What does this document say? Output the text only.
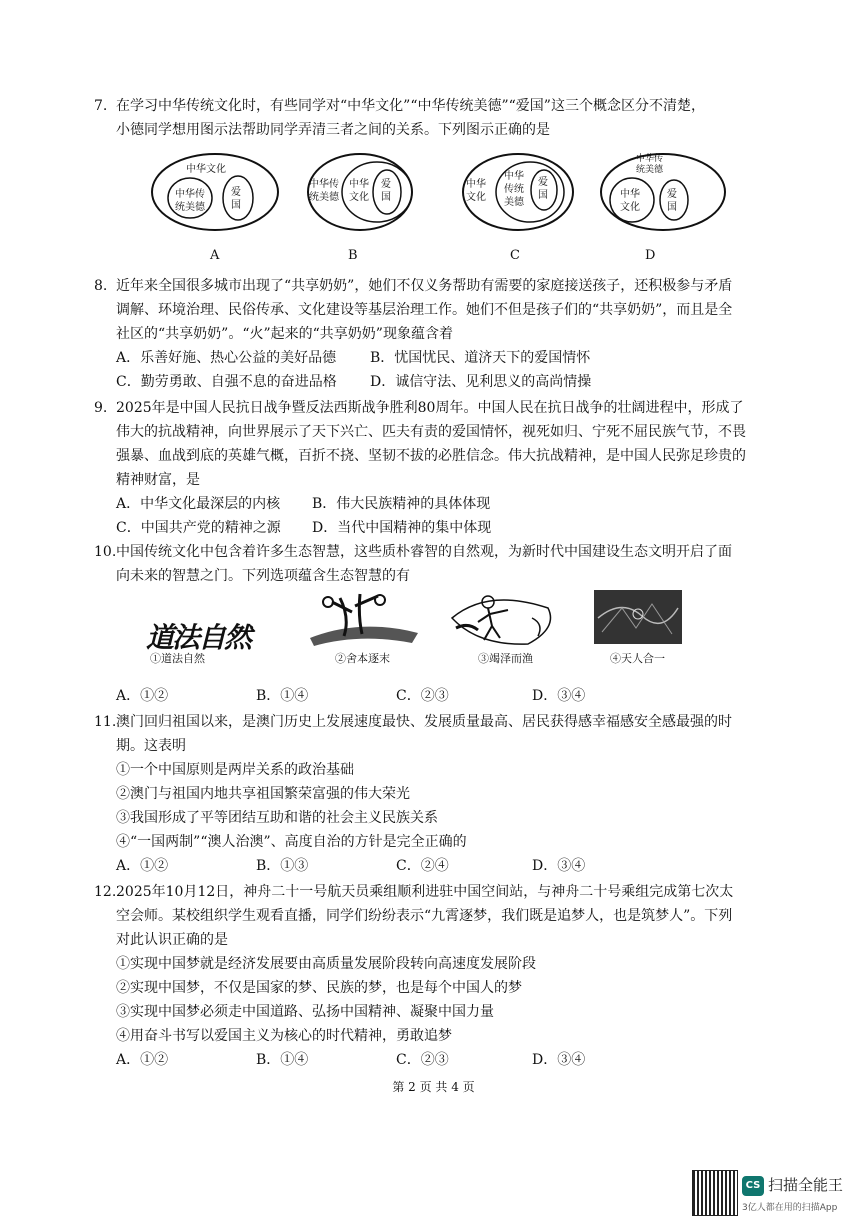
7. 在学习中华传统文化时，有些同学对“中华文化”“中华传统美德”“爱国”这三个概念区分不清楚，
小德同学想用图示法帮助同学弄清三者之间的关系。下列图示正确的是
中华文化
中华传统美德
爱国
中华传统美德
中华文化
爱国
中华文化
中华传统美德
爱国
中华传统美德
中华文化
爱国
A	B	C	D
8. 近年来全国很多城市出现了“共享奶奶”，她们不仅义务帮助有需要的家庭接送孩子，还积极参与矛盾
调解、环境治理、民俗传承、文化建设等基层治理工作。她们不但是孩子们的“共享奶奶”，而且是全
社区的“共享奶奶”。“火”起来的“共享奶奶”现象蕴含着
A．乐善好施、热心公益的美好品德	B．忧国忧民、道济天下的爱国情怀
C．勤劳勇敢、自强不息的奋进品格	D．诚信守法、见利思义的高尚情操
9. 2025年是中国人民抗日战争暨反法西斯战争胜利80周年。中国人民在抗日战争的壮阔进程中，形成了
伟大的抗战精神，向世界展示了天下兴亡、匹夫有责的爱国情怀，视死如归、宁死不屈民族气节，不畏
强暴、血战到底的英雄气概，百折不挠、坚韧不拔的必胜信念。伟大抗战精神，是中国人民弥足珍贵的
精神财富，是
A．中华文化最深层的内核	B．伟大民族精神的具体体现
C．中国共产党的精神之源	D．当代中国精神的集中体现
10. 中国传统文化中包含着许多生态智慧，这些质朴睿智的自然观，为新时代中国建设生态文明开启了面
向未来的智慧之门。下列选项蕴含生态智慧的有
道法自然
①道法自然	②舍本逐末	③竭泽而渔	④天人合一
A．①②	B．①④	C．②③	D．③④
11. 澳门回归祖国以来，是澳门历史上发展速度最快、发展质量最高、居民获得感幸福感安全感最强的时
期。这表明
①一个中国原则是两岸关系的政治基础
②澳门与祖国内地共享祖国繁荣富强的伟大荣光
③我国形成了平等团结互助和谐的社会主义民族关系
④“一国两制”“澳人治澳”、高度自治的方针是完全正确的
A．①②	B．①③	C．②④	D．③④
12. 2025年10月12日，神舟二十一号航天员乘组顺利进驻中国空间站，与神舟二十号乘组完成第七次太
空会师。某校组织学生观看直播，同学们纷纷表示“九霄逐梦，我们既是追梦人，也是筑梦人”。下列
对此认识正确的是
①实现中国梦就是经济发展要由高质量发展阶段转向高速度发展阶段
②实现中国梦，不仅是国家的梦、民族的梦，也是每个中国人的梦
③实现中国梦必须走中国道路、弘扬中国精神、凝聚中国力量
④用奋斗书写以爱国主义为核心的时代精神，勇敢追梦
A．①②	B．①④	C．②③	D．③④
第 2 页 共 4 页
CS 扫描全能王
3亿人都在用的扫描App
